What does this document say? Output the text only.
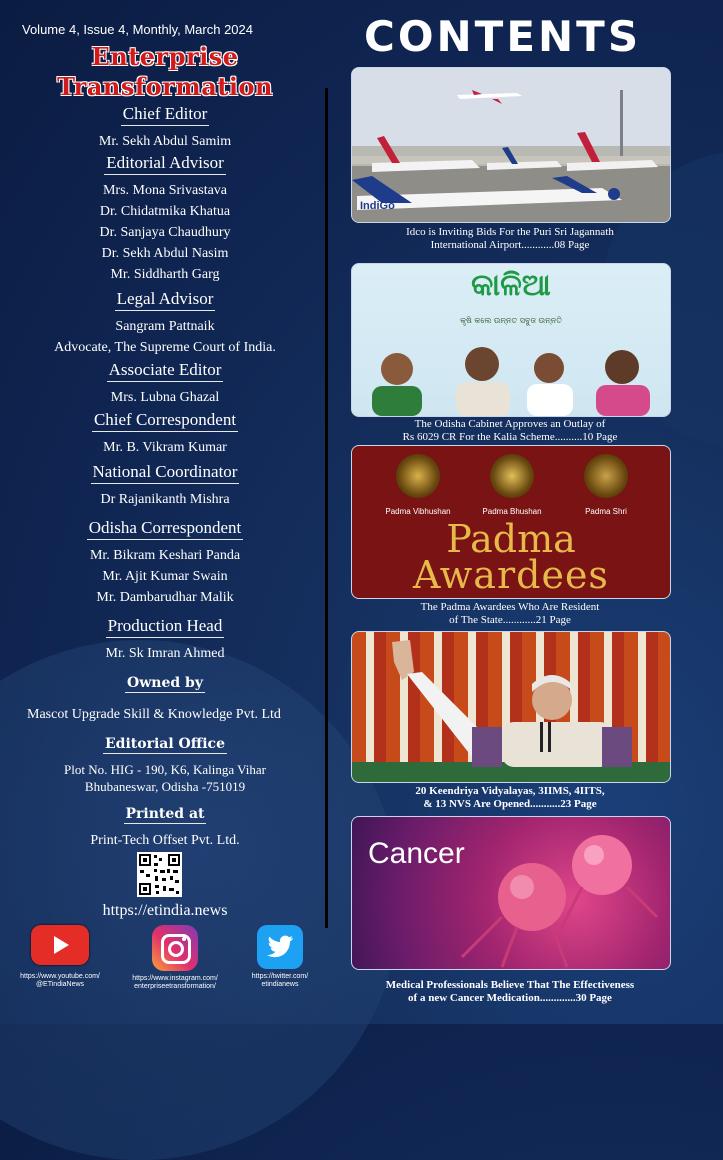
Volume 4, Issue 4, Monthly, March 2024
Enterprise
Transformation
CONTENTS
Chief Editor
Mr. Sekh Abdul Samim
Editorial Advisor
Mrs. Mona Srivastava
Dr. Chidatmika Khatua
Dr. Sanjaya Chaudhury
Dr. Sekh Abdul Nasim
Mr. Siddharth Garg
Legal Advisor
Sangram Pattnaik
Advocate, The Supreme Court of India.
Associate Editor
Mrs. Lubna Ghazal
Chief Correspondent
Mr. B. Vikram Kumar
National Coordinator
Dr Rajanikanth Mishra
Odisha Correspondent
Mr. Bikram Keshari Panda
Mr. Ajit Kumar Swain
Mr. Dambarudhar Malik
Production Head
Mr. Sk Imran Ahmed
Owned by
Mascot Upgrade Skill & Knowledge Pvt. Ltd
Editorial Office
Plot No. HIG - 190, K6, Kalinga Vihar
Bhubaneswar, Odisha -751019
Printed at
Print-Tech Offset Pvt. Ltd.
https://etindia.news
https://www.youtube.com/
@ETindiaNews
https://www.instagram.com/
enterpriseetransformation/
https://twitter.com/
etindianews
IndiGo
Idco is Inviting Bids For the Puri Sri Jagannath
International Airport............08 Page
କାଳିଆ
କୃଷି କଲେ ଉନ୍ନତ ସବୁଜ ଉନ୍ନତି
The Odisha Cabinet Approves an Outlay of
Rs 6029 CR For the Kalia Scheme..........10 Page
Padma Vibhushan	Padma Bhushan	Padma Shri
Padma
Awardees
The Padma Awardees Who Are Resident
of The State............21 Page
20 Keendriya Vidyalayas, 3IIMS, 4IITS,
& 13 NVS Are Opened...........23 Page
Cancer
Medical Professionals Believe That The Effectiveness
of a new Cancer Medication.............30 Page
